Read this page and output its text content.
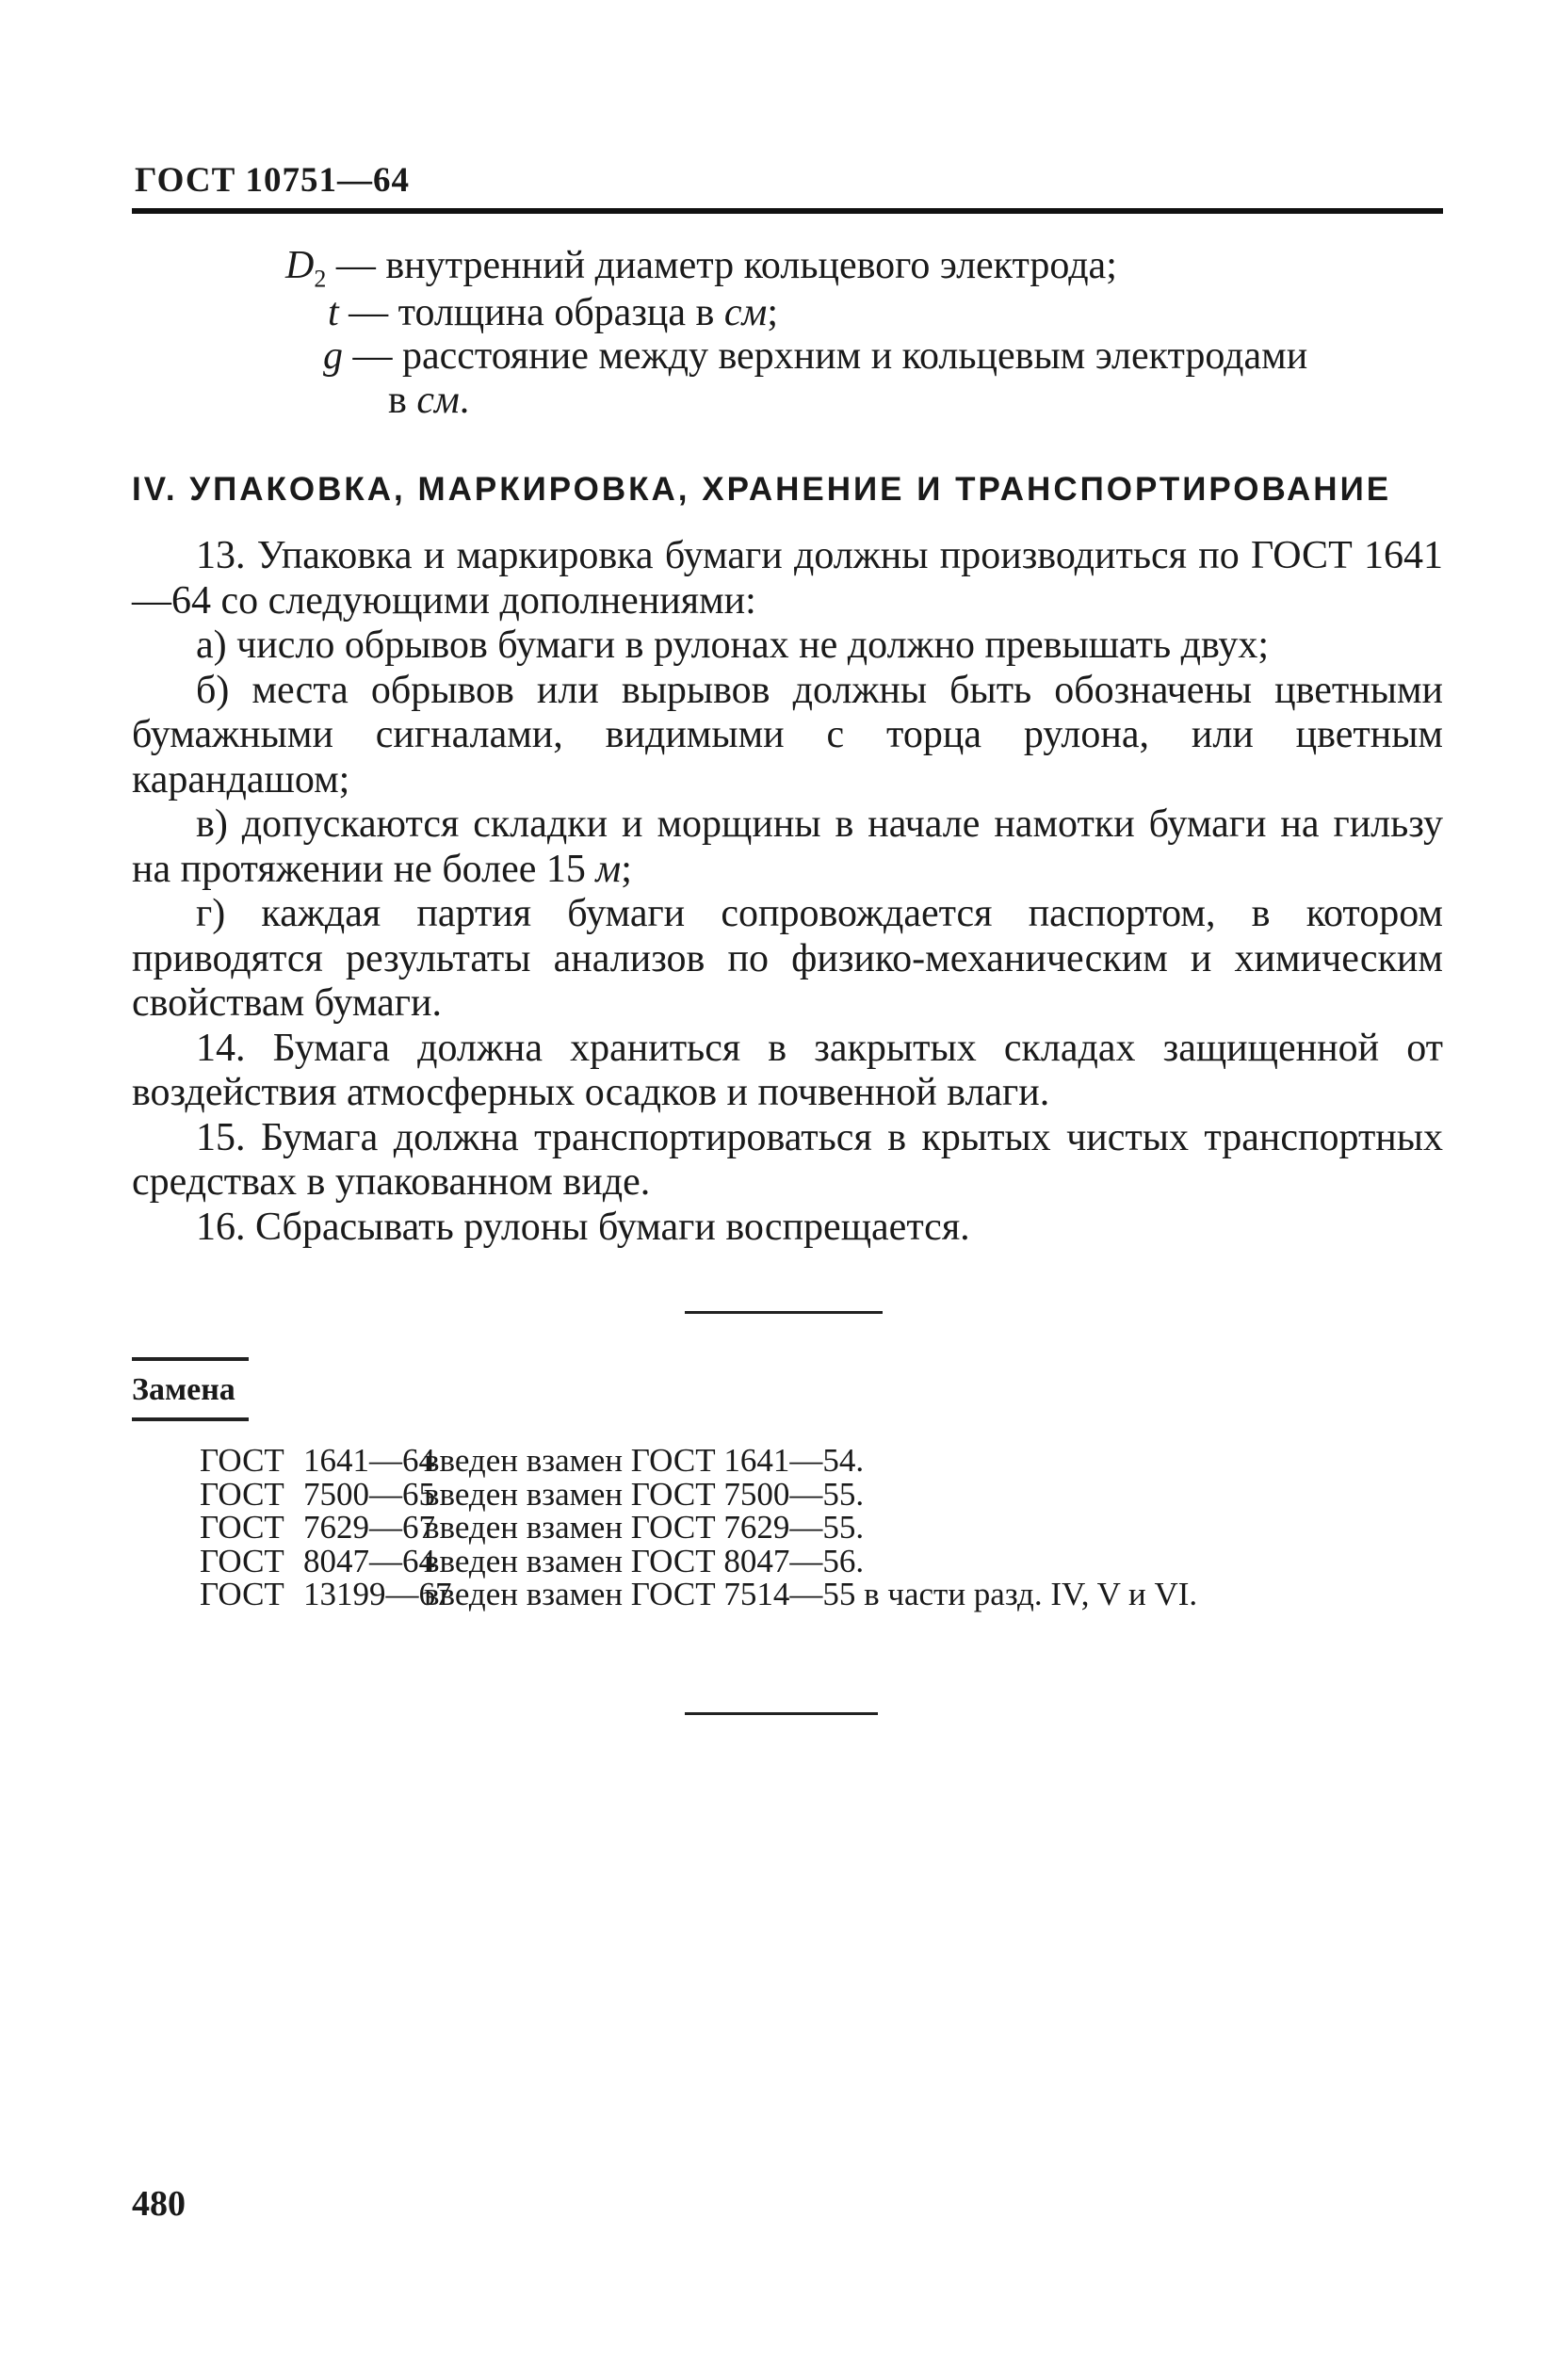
ГОСТ 10751—64
$D_2$ — внутренний диаметр кольцевого электрода;
t — толщина образца в см;
g — расстояние между верхним и кольцевым электродами
в см.
IV. УПАКОВКА, МАРКИРОВКА, ХРАНЕНИЕ И ТРАНСПОРТИРОВАНИЕ

13. Упаковка и маркировка бумаги должны производиться по ГОСТ 1641—64 со следующими дополнениями:

а) число обрывов бумаги в рулонах не должно превышать двух;

б) места обрывов или вырывов должны быть обозначены цветными бумажными сигналами, видимыми с торца рулона, или цветным карандашом;

в) допускаются складки и морщины в начале намотки бумаги на гильзу на протяжении не более 15 м;

г) каждая партия бумаги сопровождается паспортом, в котором приводятся результаты анализов по физико-механическим и химическим свойствам бумаги.

14. Бумага должна храниться в закрытых складах защищенной от воздействия атмосферных осадков и почвенной влаги.

15. Бумага должна транспортироваться в крытых чистых транспортных средствах в упакованном виде.

16. Сбрасывать рулоны бумаги воспрещается.

Замена
ГОСТ 1641—64
введен взамен ГОСТ 1641—54.
ГОСТ 7500—65
введен взамен ГОСТ 7500—55.
ГОСТ 7629—67
введен взамен ГОСТ 7629—55.
ГОСТ 8047—64
введен взамен ГОСТ 8047—56.
ГОСТ 13199—67
введен взамен ГОСТ 7514—55 в части разд. IV, V и VI.
480
